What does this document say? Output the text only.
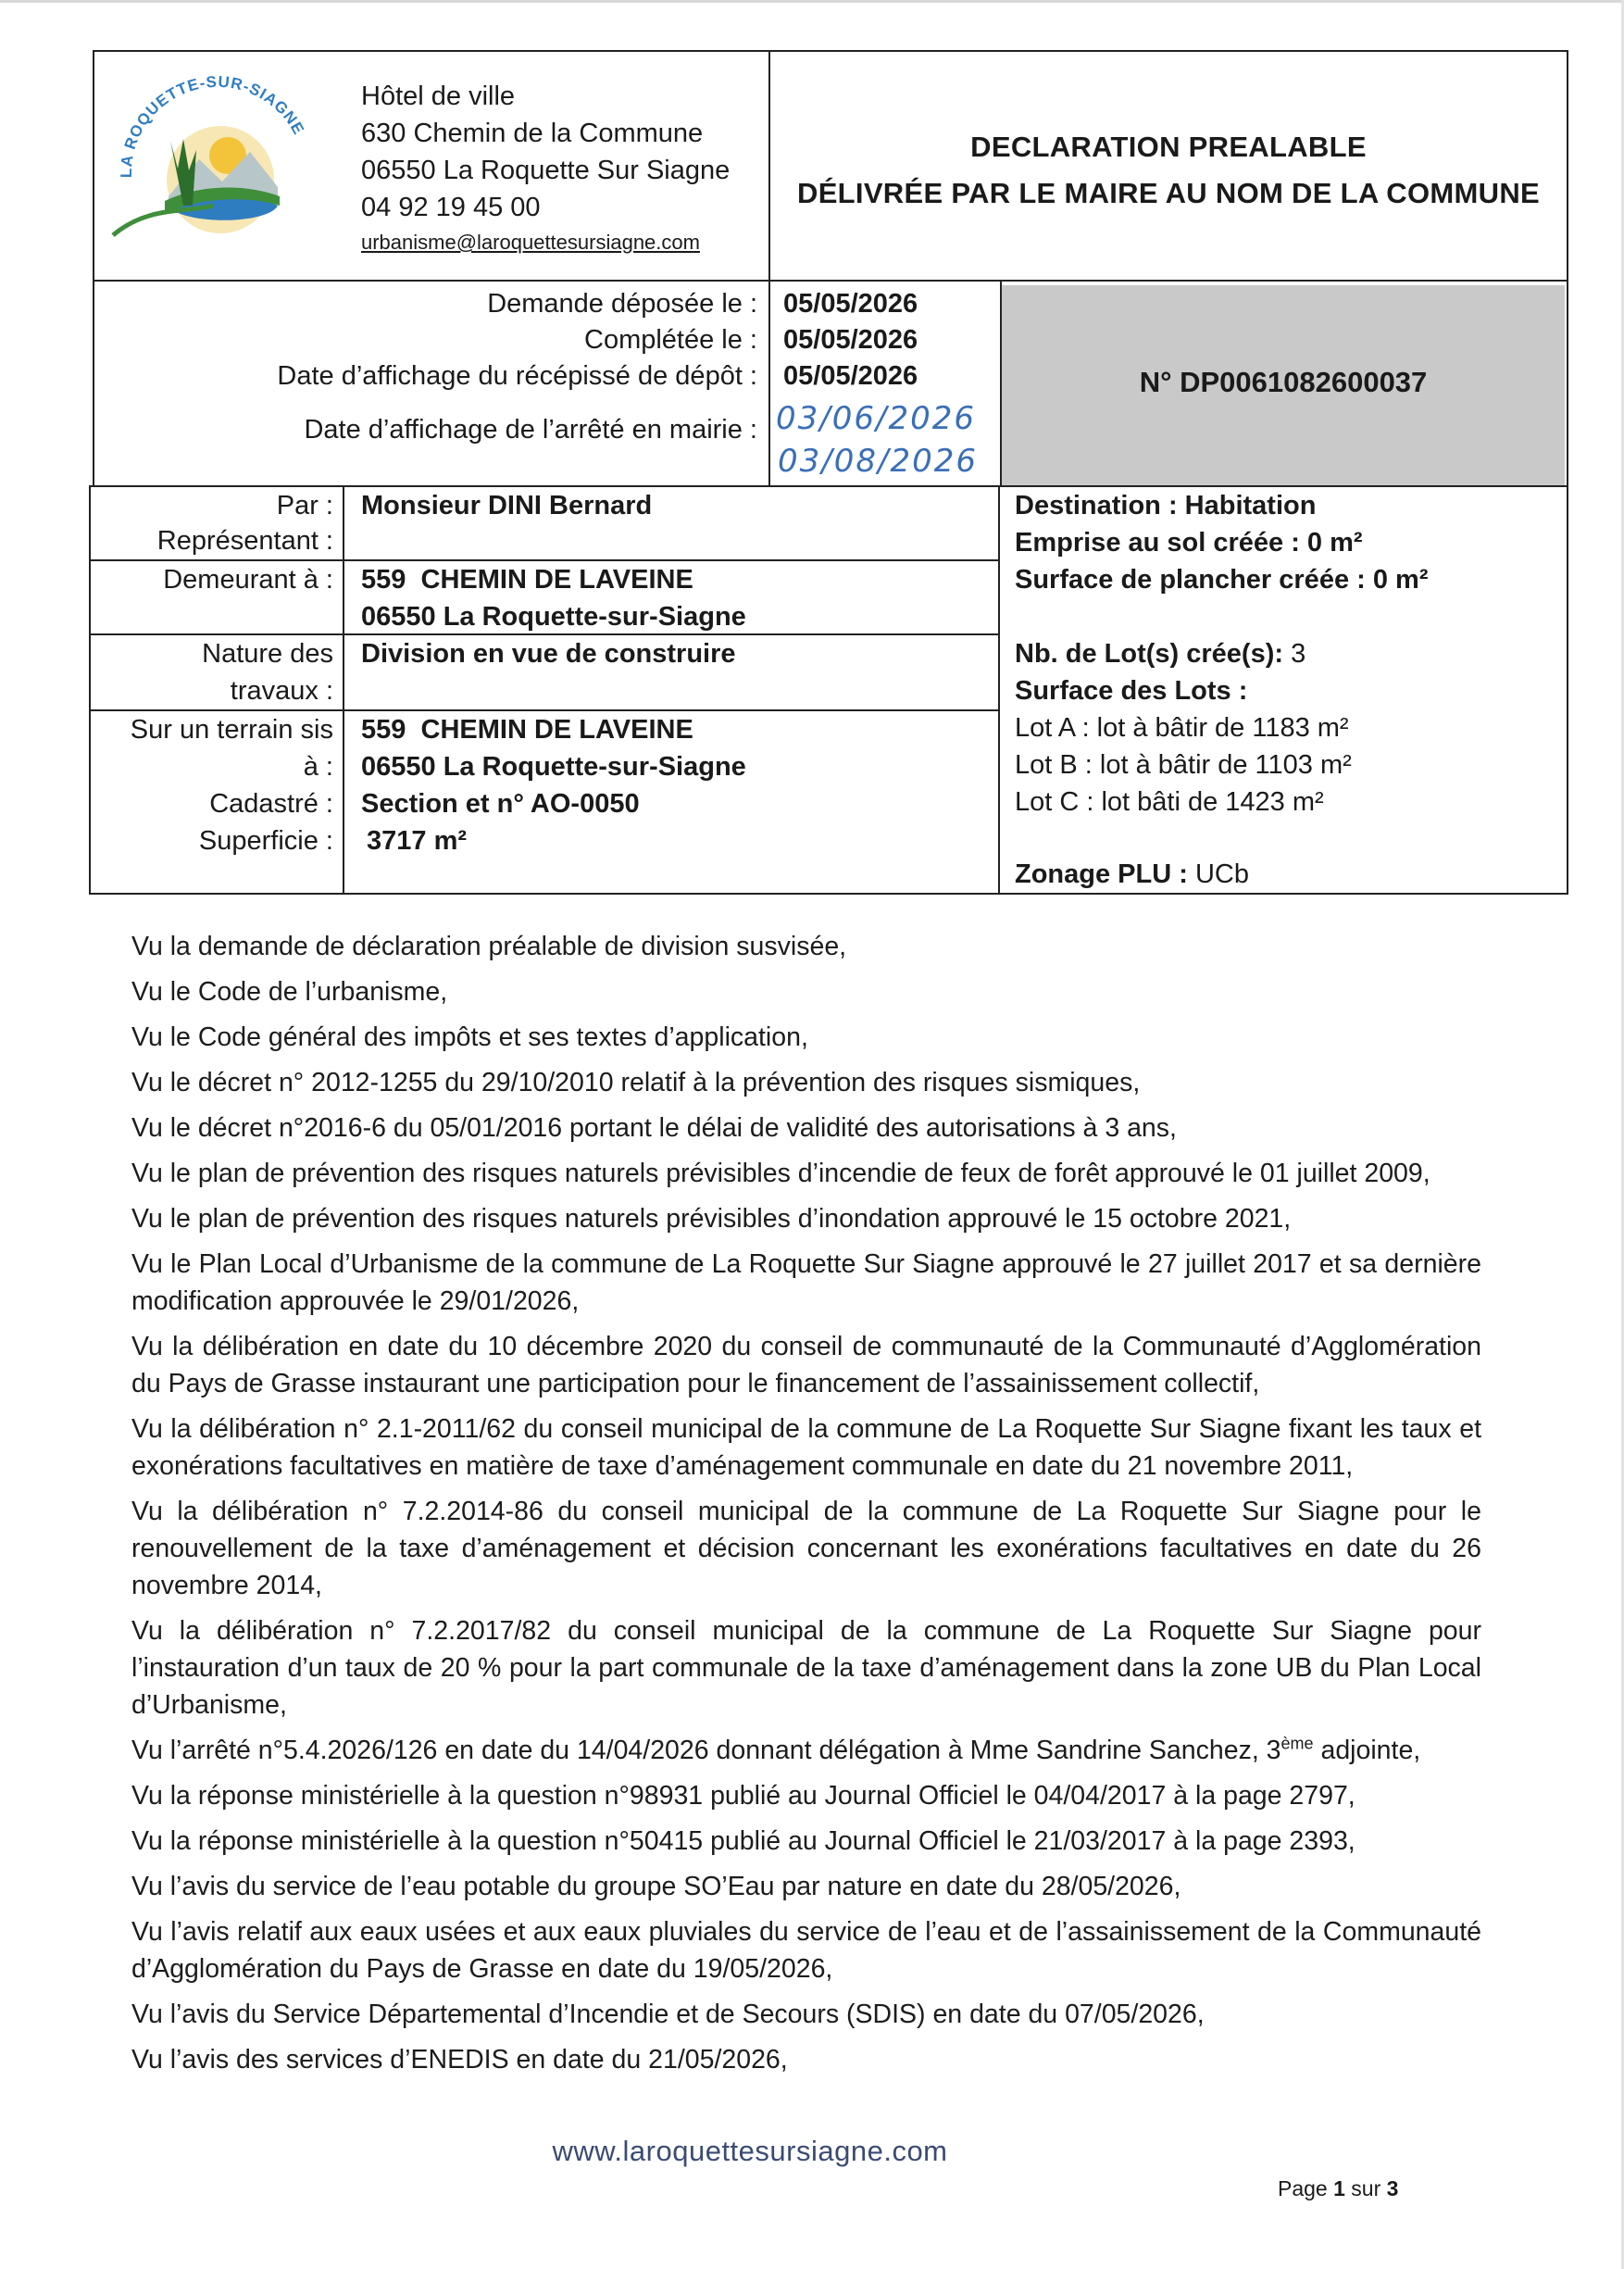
LA ROQUETTE-SUR-SIAGNE
Hôtel de ville
630 Chemin de la Commune
06550 La Roquette Sur Siagne
04 92 19 45 00
urbanisme@laroquettesursiagne.com
DECLARATION PREALABLE
DÉLIVRÉE PAR LE MAIRE AU NOM DE LA COMMUNE
Demande déposée le : 05/05/2026
Complétée le : 05/05/2026
Date d’affichage du récépissé de dépôt : 05/05/2026
Date d’affichage de l’arrêté en mairie : 03/06/2026
03/08/2026
N° DP0061082600037
Par : Monsieur DINI Bernard
Représentant :
Demeurant à : 559  CHEMIN DE LAVEINE
06550 La Roquette-sur-Siagne
Nature des
travaux :
Division en vue de construire
Sur un terrain sis
à :
Cadastré :
Superficie :
559  CHEMIN DE LAVEINE
06550 La Roquette-sur-Siagne
Section et n° AO-0050
3717 m²
Destination : Habitation
Emprise au sol créée : 0 m²
Surface de plancher créée : 0 m²
Nb. de Lot(s) crée(s): 3
Surface des Lots :
Lot A : lot à bâtir de 1183 m²
Lot B : lot à bâtir de 1103 m²
Lot C : lot bâti de 1423 m²
Zonage PLU : UCb

Vu la demande de déclaration préalable de division susvisée,

Vu le Code de l’urbanisme,

Vu le Code général des impôts et ses textes d’application,

Vu le décret n° 2012-1255 du 29/10/2010 relatif à la prévention des risques sismiques,

Vu le décret n°2016-6 du 05/01/2016 portant le délai de validité des autorisations à 3 ans,

Vu le plan de prévention des risques naturels prévisibles d’incendie de feux de forêt approuvé le 01 juillet 2009,

Vu le plan de prévention des risques naturels prévisibles d’inondation approuvé le 15 octobre 2021,

Vu le Plan Local d’Urbanisme de la commune de La Roquette Sur Siagne approuvé le 27 juillet 2017 et sa dernière modification approuvée le 29/01/2026,

Vu la délibération en date du 10 décembre 2020 du conseil de communauté de la Communauté d’Agglomération du Pays de Grasse instaurant une participation pour le financement de l’assainissement collectif,

Vu la délibération n° 2.1-2011/62 du conseil municipal de la commune de La Roquette Sur Siagne fixant les taux et exonérations facultatives en matière de taxe d’aménagement communale en date du 21 novembre 2011,

Vu la délibération n° 7.2.2014-86 du conseil municipal de la commune de La Roquette Sur Siagne pour le renouvellement de la taxe d’aménagement et décision concernant les exonérations facultatives en date du 26 novembre 2014,

Vu la délibération n° 7.2.2017/82 du conseil municipal de la commune de La Roquette Sur Siagne pour l’instauration d’un taux de 20 % pour la part communale de la taxe d’aménagement dans la zone UB du Plan Local d’Urbanisme,

Vu l’arrêté n°5.4.2026/126 en date du 14/04/2026 donnant délégation à Mme Sandrine Sanchez, 3ème adjointe,

Vu la réponse ministérielle à la question n°98931 publié au Journal Officiel le 04/04/2017 à la page 2797,

Vu la réponse ministérielle à la question n°50415 publié au Journal Officiel le 21/03/2017 à la page 2393,

Vu l’avis du service de l’eau potable du groupe SO’Eau par nature en date du 28/05/2026,

Vu l’avis relatif aux eaux usées et aux eaux pluviales du service de l’eau et de l’assainissement de la Communauté d’Agglomération du Pays de Grasse en date du 19/05/2026,

Vu l’avis du Service Départemental d’Incendie et de Secours (SDIS) en date du 07/05/2026,

Vu l’avis des services d’ENEDIS en date du 21/05/2026,

www.laroquettesursiagne.com
Page 1 sur 3
